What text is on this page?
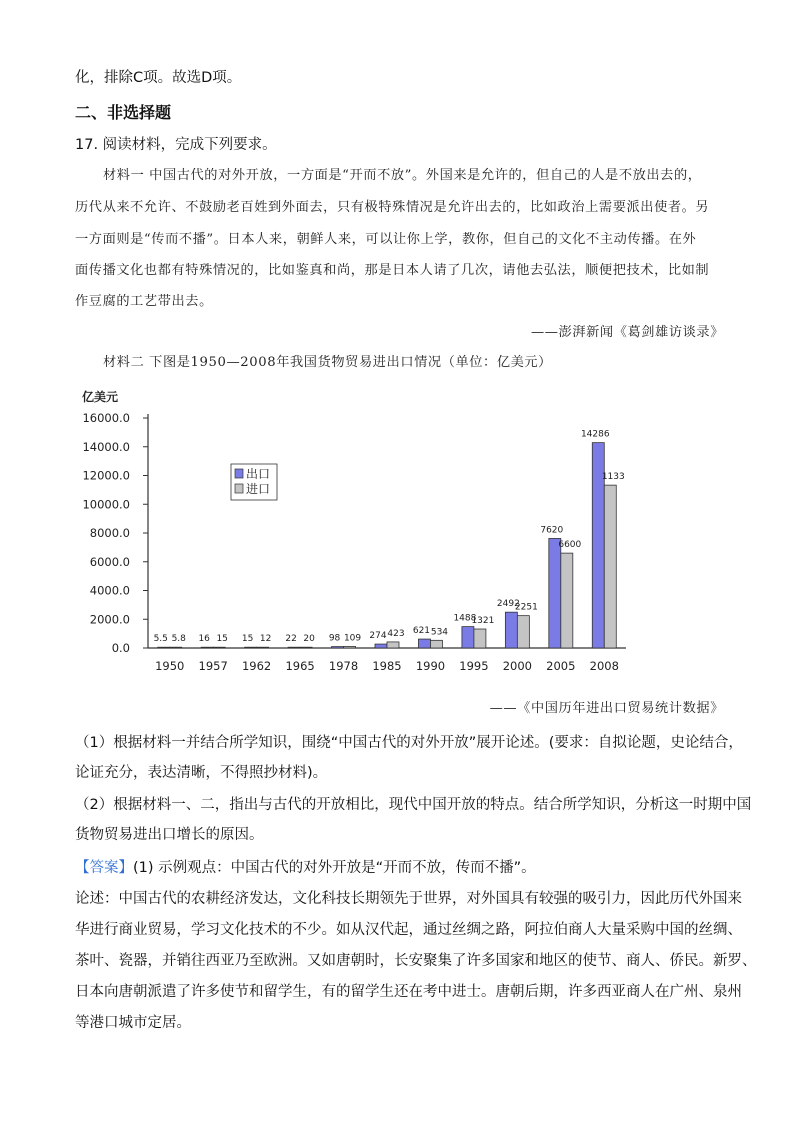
化，排除C项。故选D项。
二、非选择题
17. 阅读材料，完成下列要求。
材料一 中国古代的对外开放，一方面是“开而不放”。外国来是允许的，但自己的人是不放出去的，
历代从来不允许、不鼓励老百姓到外面去，只有极特殊情况是允许出去的，比如政治上需要派出使者。另
一方面则是“传而不播”。日本人来，朝鲜人来，可以让你上学，教你，但自己的文化不主动传播。在外
面传播文化也都有特殊情况的，比如鉴真和尚，那是日本人请了几次，请他去弘法，顺便把技术，比如制
作豆腐的工艺带出去。
——澎湃新闻《葛剑雄访谈录》
材料二 下图是1950—2008年我国货物贸易进出口情况（单位：亿美元）
亿美元
0.0
2000.0
4000.0
6000.0
8000.0
10000.0
12000.0
14000.0
16000.0
1950
5.5 5.8
1957
16 15
1962
15 12
1965
22 20
1978
98 109
1985
274 423
1990
621 534
1995
1488
1321
2000
2492
2251
2005
7620
6600
2008
14286
1133
出口
进口
——《中国历年进出口贸易统计数据》
（1）根据材料一并结合所学知识，围绕“中国古代的对外开放”展开论述。(要求：自拟论题，史论结合，
论证充分，表达清晰，不得照抄材料)。
（2）根据材料一、二，指出与古代的开放相比，现代中国开放的特点。结合所学知识，分析这一时期中国
货物贸易进出口增长的原因。
【答案】(1) 示例观点：中国古代的对外开放是“开而不放，传而不播”。
论述：中国古代的农耕经济发达，文化科技长期领先于世界，对外国具有较强的吸引力，因此历代外国来
华进行商业贸易，学习文化技术的不少。如从汉代起，通过丝绸之路，阿拉伯商人大量采购中国的丝绸、
茶叶、瓷器，并销往西亚乃至欧洲。又如唐朝时，长安聚集了许多国家和地区的使节、商人、侨民。新罗、
日本向唐朝派遣了许多使节和留学生，有的留学生还在考中进士。唐朝后期，许多西亚商人在广州、泉州
等港口城市定居。
